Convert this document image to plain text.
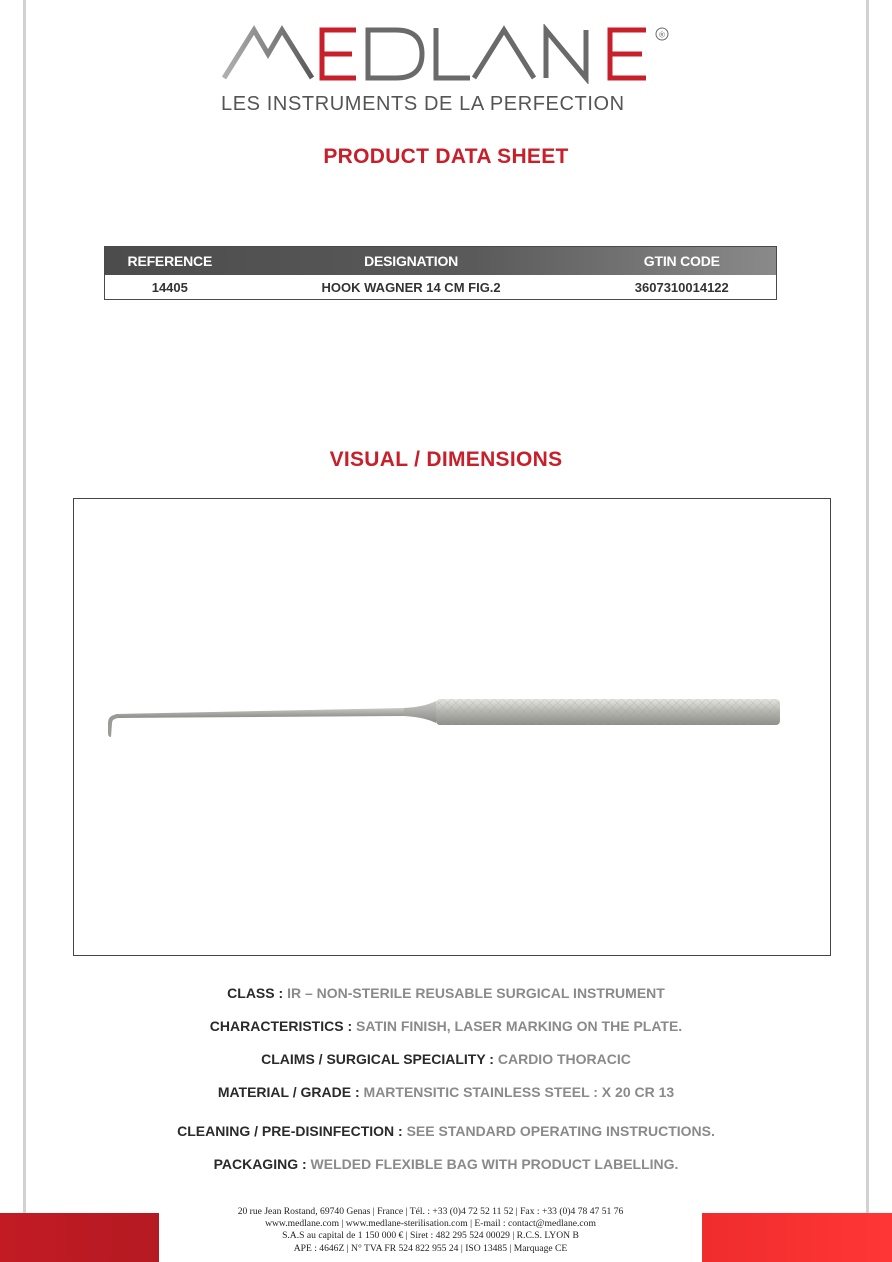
®
LES INSTRUMENTS DE LA PERFECTION
PRODUCT DATA SHEET
REFERENCE	DESIGNATION	GTIN CODE
14405	HOOK WAGNER 14 CM FIG.2	3607310014122
VISUAL / DIMENSIONS
CLASS : IR – NON-STERILE REUSABLE SURGICAL INSTRUMENT
CHARACTERISTICS : SATIN FINISH, LASER MARKING ON THE PLATE.
CLAIMS / SURGICAL SPECIALITY : CARDIO THORACIC
MATERIAL / GRADE : MARTENSITIC STAINLESS STEEL : X 20 CR 13
CLEANING / PRE-DISINFECTION : SEE STANDARD OPERATING INSTRUCTIONS.
PACKAGING : WELDED FLEXIBLE BAG WITH PRODUCT LABELLING.
20 rue Jean Rostand, 69740 Genas | France | Tél. : +33 (0)4 72 52 11 52 | Fax : +33 (0)4 78 47 51 76
www.medlane.com | www.medlane-sterilisation.com | E-mail : contact@medlane.com
S.A.S au capital de 1 150 000 € | Siret : 482 295 524 00029 | R.C.S. LYON B
APE : 4646Z | N° TVA FR 524 822 955 24 | ISO 13485 | Marquage CE
